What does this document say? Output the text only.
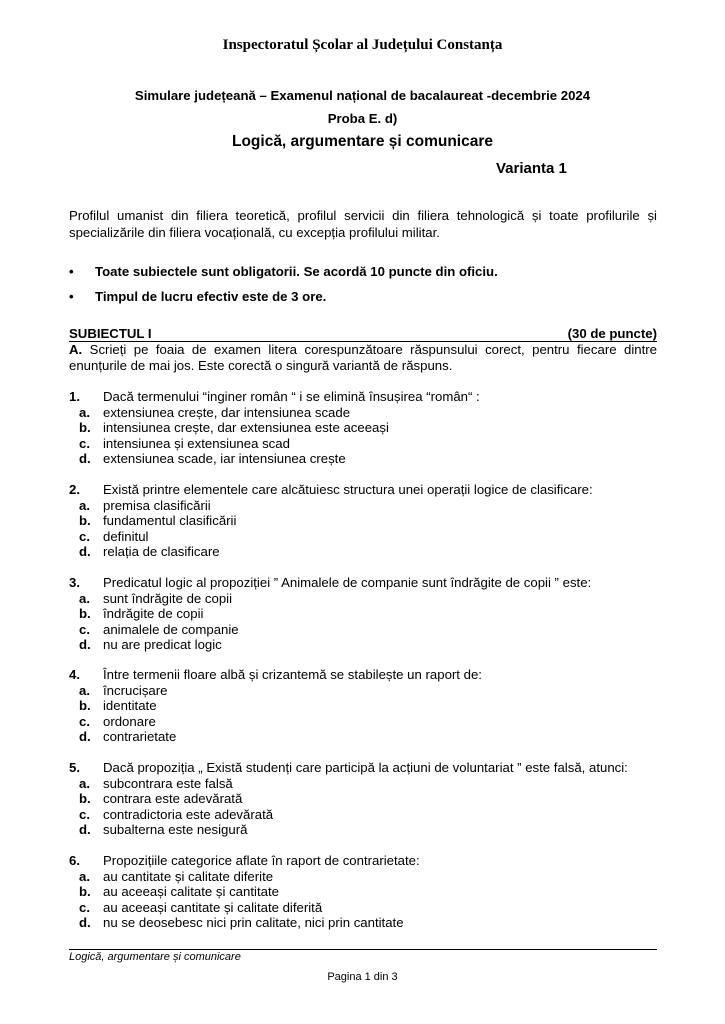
Inspectoratul Școlar al Județului Constanța
Simulare județeană – Examenul național de bacalaureat -decembrie 2024
Proba E. d)
Logică, argumentare și comunicare
Varianta 1
Profilul umanist din filiera teoretică, profilul servicii din filiera tehnologică și toate profilurile și specializările din filiera vocațională, cu excepția profilului militar.
• Toate subiectele sunt obligatorii. Se acordă 10 puncte din oficiu.
• Timpul de lucru efectiv este de 3 ore.
SUBIECTUL I	(30 de puncte)
A. Scrieți pe foaia de examen litera corespunzătoare răspunsului corect, pentru fiecare dintre enunțurile de mai jos. Este corectă o singură variantă de răspuns.
1. Dacă termenului “inginer român “ i se elimină însușirea “român“ :
a. extensiunea crește, dar intensiunea scade
b. intensiunea crește, dar extensiunea este aceeași
c. intensiunea și extensiunea scad
d. extensiunea scade, iar intensiunea crește
2. Există printre elementele care alcătuiesc structura unei operații logice de clasificare:
a. premisa clasificării
b. fundamentul clasificării
c. definitul
d. relația de clasificare
3. Predicatul logic al propoziției ” Animalele de companie sunt îndrăgite de copii ” este:
a. sunt îndrăgite de copii
b. îndrăgite de copii
c. animalele de companie
d. nu are predicat logic
4. Între termenii floare albă și crizantemă se stabilește un raport de:
a. încrucișare
b. identitate
c. ordonare
d. contrarietate
5. Dacă propoziția „ Există studenți care participă la acțiuni de voluntariat ” este falsă, atunci:
a. subcontrara este falsă
b. contrara este adevărată
c. contradictoria este adevărată
d. subalterna este nesigură
6. Propozițiile categorice aflate în raport de contrarietate:
a. au cantitate și calitate diferite
b. au aceeași calitate și cantitate
c. au aceeași cantitate și calitate diferită
d. nu se deosebesc nici prin calitate, nici prin cantitate
Logică, argumentare și comunicare
Pagina 1 din 3
